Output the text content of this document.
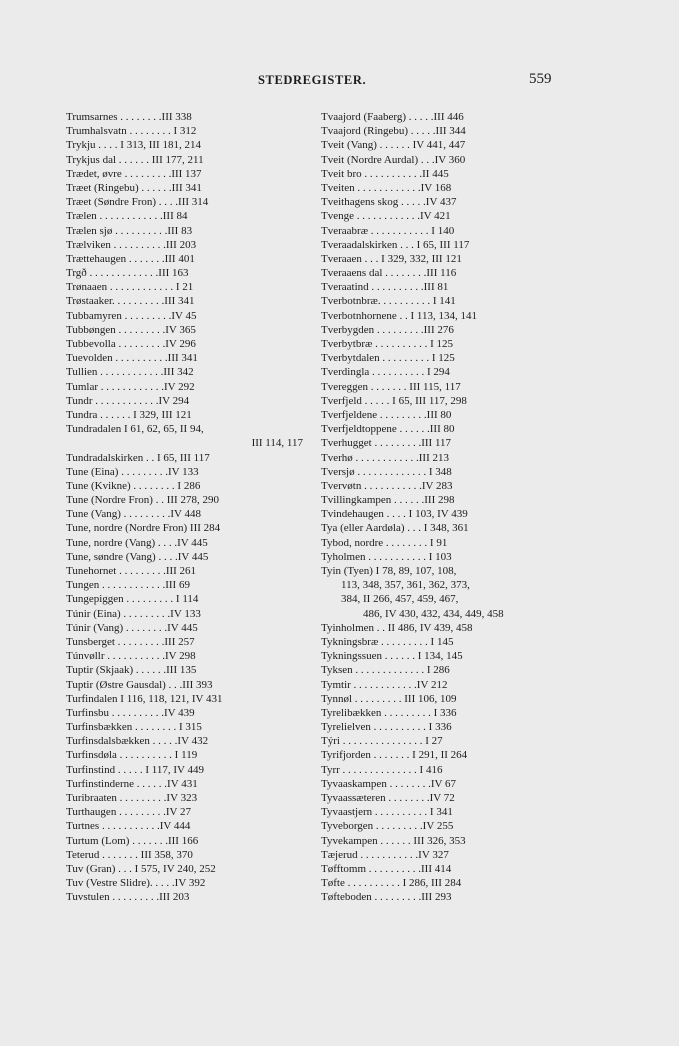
STEDREGISTER.	559
Trumsarnes . . . . . . . .III 338
Trumhalsvatn . . . . . . . . I 312
Trykju . . . . I 313, III 181, 214
Trykjus dal . . . . . . III 177, 211
Trædet, øvre . . . . . . . . .III 137
Træet (Ringebu) . . . . . .III 341
Træet (Søndre Fron) . . . .III 314
Trælen . . . . . . . . . . . .III 84
Trælen sjø . . . . . . . . . .III 83
Trælviken . . . . . . . . . .III 203
Trættehaugen . . . . . . .III 401
Trgð . . . . . . . . . . . . .III 163
Trønaaen . . . . . . . . . . . . I 21
Trøstaaker. . . . . . . . . .III 341
Tubbamyren . . . . . . . . .IV 45
Tubbøngen . . . . . . . . .IV 365
Tubbevolla . . . . . . . . .IV 296
Tuevolden . . . . . . . . . .III 341
Tullien . . . . . . . . . . . .III 342
Tumlar . . . . . . . . . . . .IV 292
Tundr . . . . . . . . . . . .IV 294
Tundra . . . . . . I 329, III 121
Tundradalen I 61, 62, 65, II 94,
III 114, 117
Tundradalskirken . . I 65, III 117
Tune (Eina) . . . . . . . . .IV 133
Tune (Kvikne) . . . . . . . . I 286
Tune (Nordre Fron) . . III 278, 290
Tune (Vang) . . . . . . . . .IV 448
Tune, nordre (Nordre Fron) III 284
Tune, nordre (Vang) . . . .IV 445
Tune, søndre (Vang) . . . .IV 445
Tunehornet . . . . . . . . .III 261
Tungen . . . . . . . . . . . .III 69
Tungepiggen . . . . . . . . . I 114
Túnir (Eina) . . . . . . . . .IV 133
Túnir (Vang) . . . . . . . .IV 445
Tunsberget . . . . . . . . .III 257
Túnvøllr . . . . . . . . . . .IV 298
Tuptir (Skjaak) . . . . . .III 135
Tuptir (Østre Gausdal) . . .III 393
Turfindalen I 116, 118, 121, IV 431
Turfinsbu . . . . . . . . . .IV 439
Turfinsbækken . . . . . . . . I 315
Turfinsdalsbækken . . . . .IV 432
Turfinsdøla . . . . . . . . . . I 119
Turfinstind . . . . . I 117, IV 449
Turfinstinderne . . . . . .IV 431
Turibraaten . . . . . . . . .IV 323
Turthaugen . . . . . . . . .IV 27
Turtnes . . . . . . . . . . .IV 444
Turtum (Lom) . . . . . . .III 166
Teterud . . . . . . . III 358, 370
Tuv (Gran) . . . I 575, IV 240, 252
Tuv (Vestre Slidre). . . . .IV 392
Tuvstulen . . . . . . . . .III 203
Tvaajord (Faaberg) . . . . .III 446
Tvaajord (Ringebu) . . . . .III 344
Tveit (Vang) . . . . . . IV 441, 447
Tveit (Nordre Aurdal) . . .IV 360
Tveit bro . . . . . . . . . . .II 445
Tveiten . . . . . . . . . . . .IV 168
Tveithagens skog . . . . .IV 437
Tvenge . . . . . . . . . . . .IV 421
Tveraabræ . . . . . . . . . . . I 140
Tveraadalskirken . . . I 65, III 117
Tveraaen . . . I 329, 332, III 121
Tveraaens dal . . . . . . . .III 116
Tveraatind . . . . . . . . . .III 81
Tverbotnbræ. . . . . . . . . . I 141
Tverbotnhornene . . I 113, 134, 141
Tverbygden . . . . . . . . .III 276
Tverbytbræ . . . . . . . . . . I 125
Tverbytdalen . . . . . . . . . I 125
Tverdingla . . . . . . . . . . I 294
Tvereggen . . . . . . . III 115, 117
Tverfjeld . . . . . I 65, III 117, 298
Tverfjeldene . . . . . . . . .III 80
Tverfjeldtoppene . . . . . .III 80
Tverhugget . . . . . . . . .III 117
Tverhø . . . . . . . . . . . .III 213
Tversjø . . . . . . . . . . . . . I 348
Tvervøtn . . . . . . . . . . .IV 283
Tvillingkampen . . . . . .III 298
Tvindehaugen . . . . I 103, IV 439
Tya (eller Aardøla) . . . I 348, 361
Tybod, nordre . . . . . . . . I 91
Tyholmen . . . . . . . . . . . I 103
Tyin (Tyen) I 78, 89, 107, 108,
113, 348, 357, 361, 362, 373,
384, II 266, 457, 459, 467,
486, IV 430, 432, 434, 449, 458
Tyinholmen . . II 486, IV 439, 458
Tykningsbræ . . . . . . . . . I 145
Tykningssuen . . . . . . I 134, 145
Tyksen . . . . . . . . . . . . . I 286
Tymtir . . . . . . . . . . . .IV 212
Tynnøl . . . . . . . . . III 106, 109
Tyrelibækken . . . . . . . . . I 336
Tyrelielven . . . . . . . . . . I 336
Týri . . . . . . . . . . . . . . . I 27
Tyrifjorden . . . . . . . I 291, II 264
Tyrr . . . . . . . . . . . . . . I 416
Tyvaaskampen . . . . . . . .IV 67
Tyvaassæteren . . . . . . . .IV 72
Tyvaastjern . . . . . . . . . . I 341
Tyveborgen . . . . . . . . .IV 255
Tyvekampen . . . . . . III 326, 353
Tæjerud . . . . . . . . . . .IV 327
Tøfftomm . . . . . . . . . .III 414
Tøfte . . . . . . . . . . I 286, III 284
Tøfteboden . . . . . . . . .III 293
